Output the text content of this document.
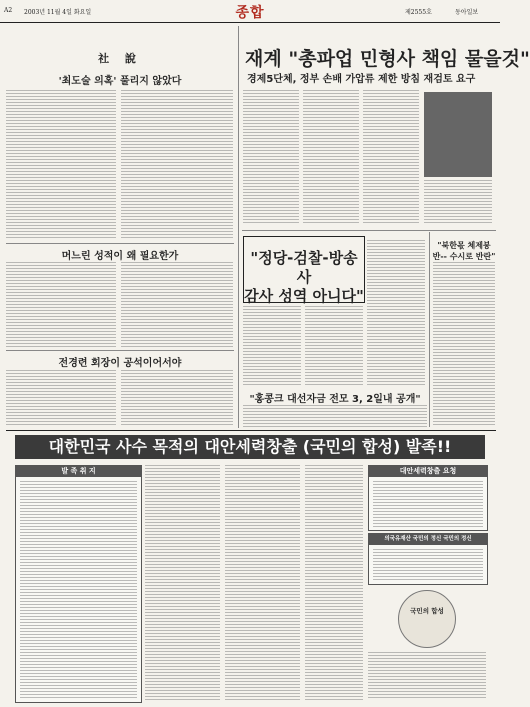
A2 2003년 11월 4일 화요일	제2555호	동아일보
종합
社 說
'최도술 의혹' 풀리지 않았다
머느린 성적이 왜 필요한가
전경련 회장이 공석이어서야
재계 "총파업 민형사 책임 물을것"
경제5단체, 정부 손배 가압류 제한 방침 재검토 요구
"정당-검찰-방송사
감사 성역 아니다"
"북한몫 체제붕반-- 수시로 반란"
"홍콩크 대선자금 전모 3, 2일내 공개"
대한민국 사수 목적의 대안세력창출 (국민의 합성) 발족!!
발 족 취 지	대안세력창출 요청
의국유재산 국민의 정신 국민의 정신
국민의 합성
